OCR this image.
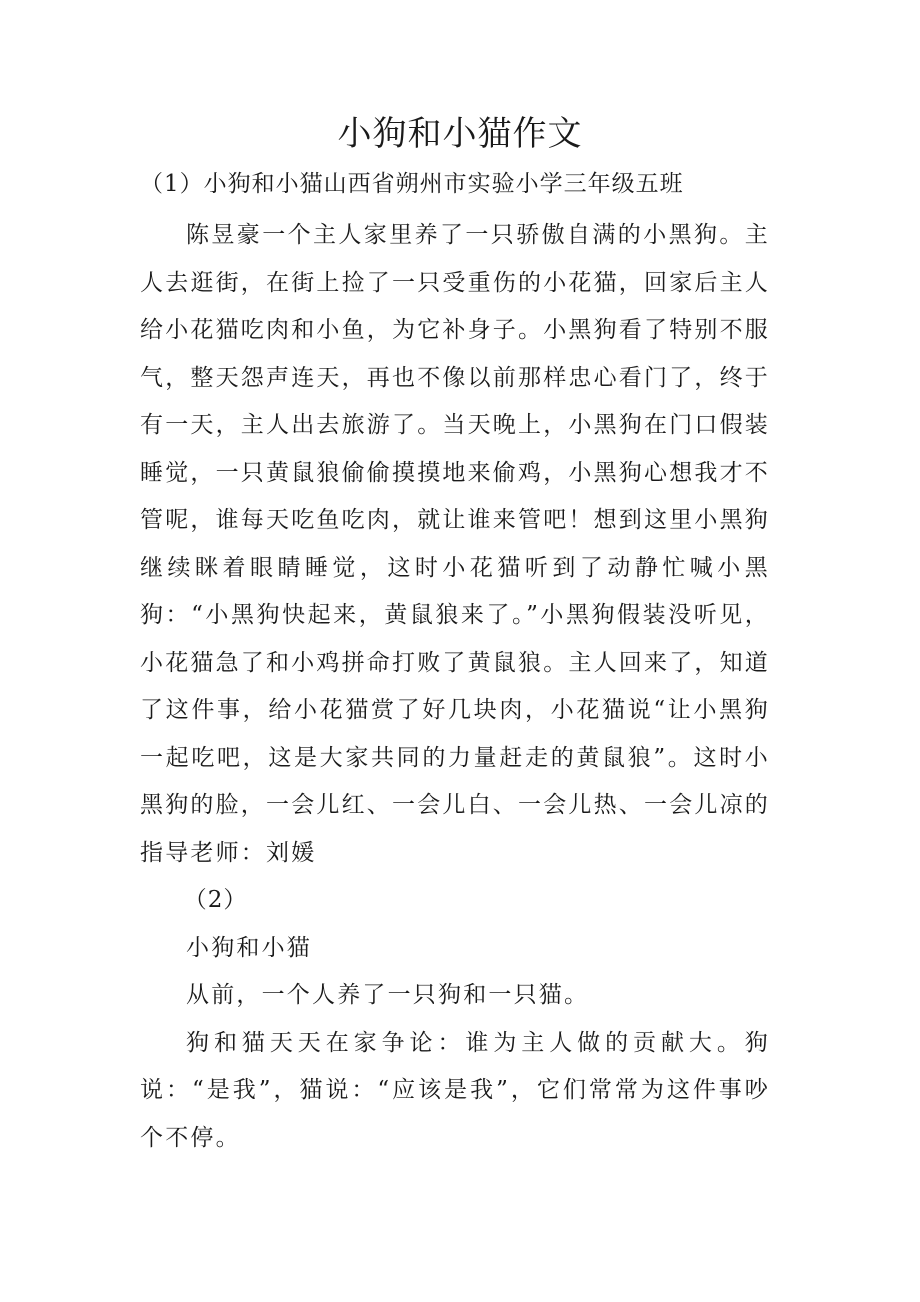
小狗和小猫作文
（1）小狗和小猫山西省朔州市实验小学三年级五班

陈昱豪一个主人家里养了一只骄傲自满的小黑狗。主人去逛街，在街上捡了一只受重伤的小花猫，回家后主人给小花猫吃肉和小鱼，为它补身子。小黑狗看了特别不服气，整天怨声连天，再也不像以前那样忠心看门了，终于有一天，主人出去旅游了。当天晚上，小黑狗在门口假装睡觉，一只黄鼠狼偷偷摸摸地来偷鸡，小黑狗心想我才不管呢，谁每天吃鱼吃肉，就让谁来管吧！想到这里小黑狗继续眯着眼睛睡觉，这时小花猫听到了动静忙喊小黑狗：“小黑狗快起来，黄鼠狼来了。”小黑狗假装没听见，小花猫急了和小鸡拼命打败了黄鼠狼。主人回来了，知道了这件事，给小花猫赏了好几块肉，小花猫说“让小黑狗一起吃吧，这是大家共同的力量赶走的黄鼠狼”。这时小黑狗的脸，一会儿红、一会儿白、一会儿热、一会儿凉的指导老师：刘媛

（2）

小狗和小猫

从前，一个人养了一只狗和一只猫。

狗和猫天天在家争论：谁为主人做的贡献大。狗说：“是我”，猫说：“应该是我”，它们常常为这件事吵个不停。
